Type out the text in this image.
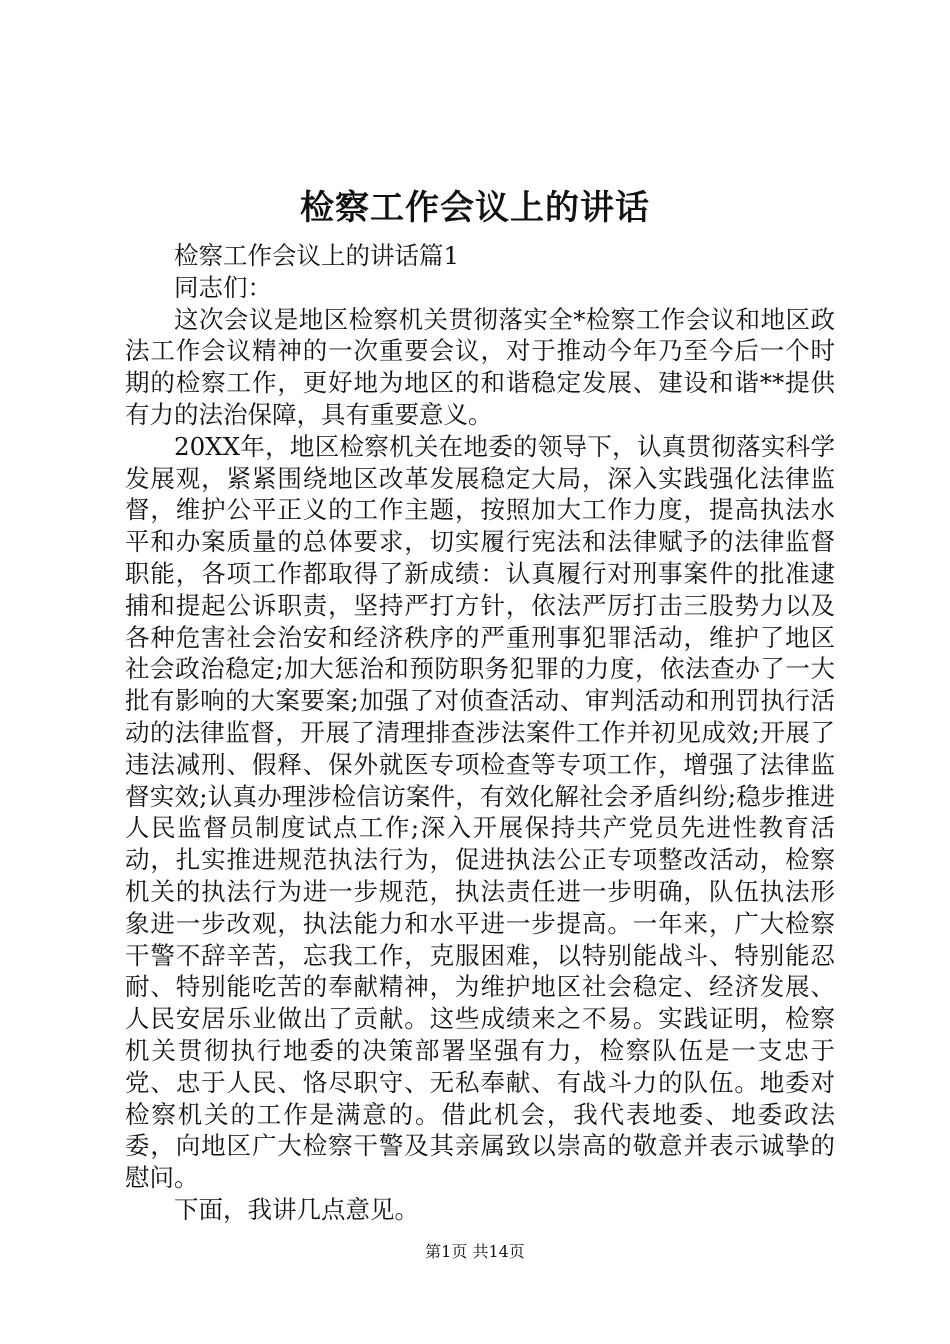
检察工作会议上的讲话

检察工作会议上的讲话篇1

同志们：

这次会议是地区检察机关贯彻落实全*检察工作会议和地区政法工作会议精神的一次重要会议，对于推动今年乃至今后一个时期的检察工作，更好地为地区的和谐稳定发展、建设和谐**提供有力的法治保障，具有重要意义。

20XX年，地区检察机关在地委的领导下，认真贯彻落实科学发展观，紧紧围绕地区改革发展稳定大局，深入实践强化法律监督，维护公平正义的工作主题，按照加大工作力度，提高执法水平和办案质量的总体要求，切实履行宪法和法律赋予的法律监督职能，各项工作都取得了新成绩：认真履行对刑事案件的批准逮捕和提起公诉职责，坚持严打方针，依法严厉打击三股势力以及各种危害社会治安和经济秩序的严重刑事犯罪活动，维护了地区社会政治稳定;加大惩治和预防职务犯罪的力度，依法查办了一大批有影响的大案要案;加强了对侦查活动、审判活动和刑罚执行活动的法律监督，开展了清理排查涉法案件工作并初见成效;开展了违法减刑、假释、保外就医专项检查等专项工作，增强了法律监督实效;认真办理涉检信访案件，有效化解社会矛盾纠纷;稳步推进人民监督员制度试点工作;深入开展保持共产党员先进性教育活动，扎实推进规范执法行为，促进执法公正专项整改活动，检察机关的执法行为进一步规范，执法责任进一步明确，队伍执法形象进一步改观，执法能力和水平进一步提高。一年来，广大检察干警不辞辛苦，忘我工作，克服困难，以特别能战斗、特别能忍耐、特别能吃苦的奉献精神，为维护地区社会稳定、经济发展、人民安居乐业做出了贡献。这些成绩来之不易。实践证明，检察机关贯彻执行地委的决策部署坚强有力，检察队伍是一支忠于党、忠于人民、恪尽职守、无私奉献、有战斗力的队伍。地委对检察机关的工作是满意的。借此机会，我代表地委、地委政法委，向地区广大检察干警及其亲属致以崇高的敬意并表示诚挚的慰问。

下面，我讲几点意见。

第1页 共14页
